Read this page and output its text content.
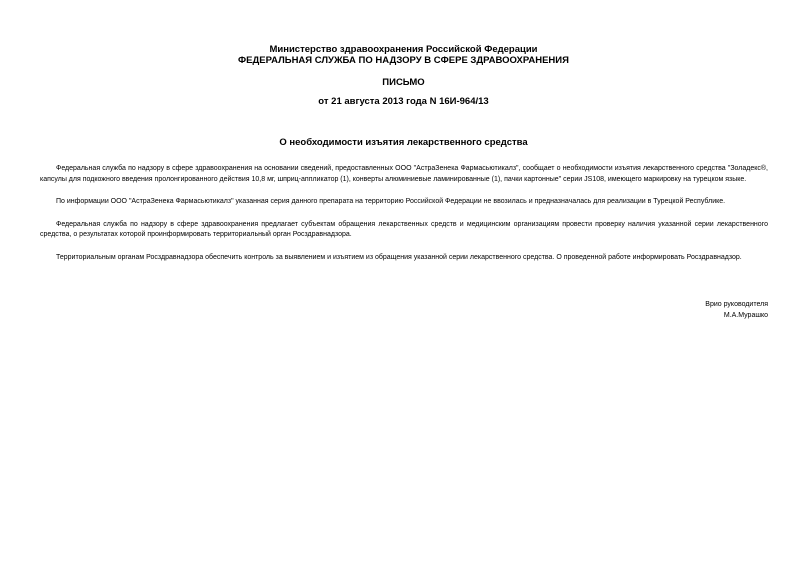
Министерство здравоохранения Российской Федерации
ФЕДЕРАЛЬНАЯ СЛУЖБА ПО НАДЗОРУ В СФЕРЕ ЗДРАВООХРАНЕНИЯ
ПИСЬМО
от 21 августа 2013 года N 16И-964/13
О необходимости изъятия лекарственного средства

Федеральная служба по надзору в сфере здравоохранения на основании сведений, предоставленных ООО "АстраЗенека Фармасьютикалз", сообщает о необходимости изъятия лекарственного средства "Золадекс®, капсулы для подкожного введения пролонгированного действия 10,8 мг, шприц-аппликатор (1), конверты алюминиевые ламинированные (1), пачки картонные" серии JS108, имеющего маркировку на турецком языке.

По информации ООО "АстраЗенека Фармасьютикалз" указанная серия данного препарата на территорию Российской Федерации не ввозилась и предназначалась для реализации в Турецкой Республике.

Федеральная служба по надзору в сфере здравоохранения предлагает субъектам обращения лекарственных средств и медицинским организациям провести проверку наличия указанной серии лекарственного средства, о результатах которой проинформировать территориальный орган Росздравнадзора.

Территориальным органам Росздравнадзора обеспечить контроль за выявлением и изъятием из обращения указанной серии лекарственного средства. О проведенной работе информировать Росздравнадзор.

Врио руководителя
М.А.Мурашко
